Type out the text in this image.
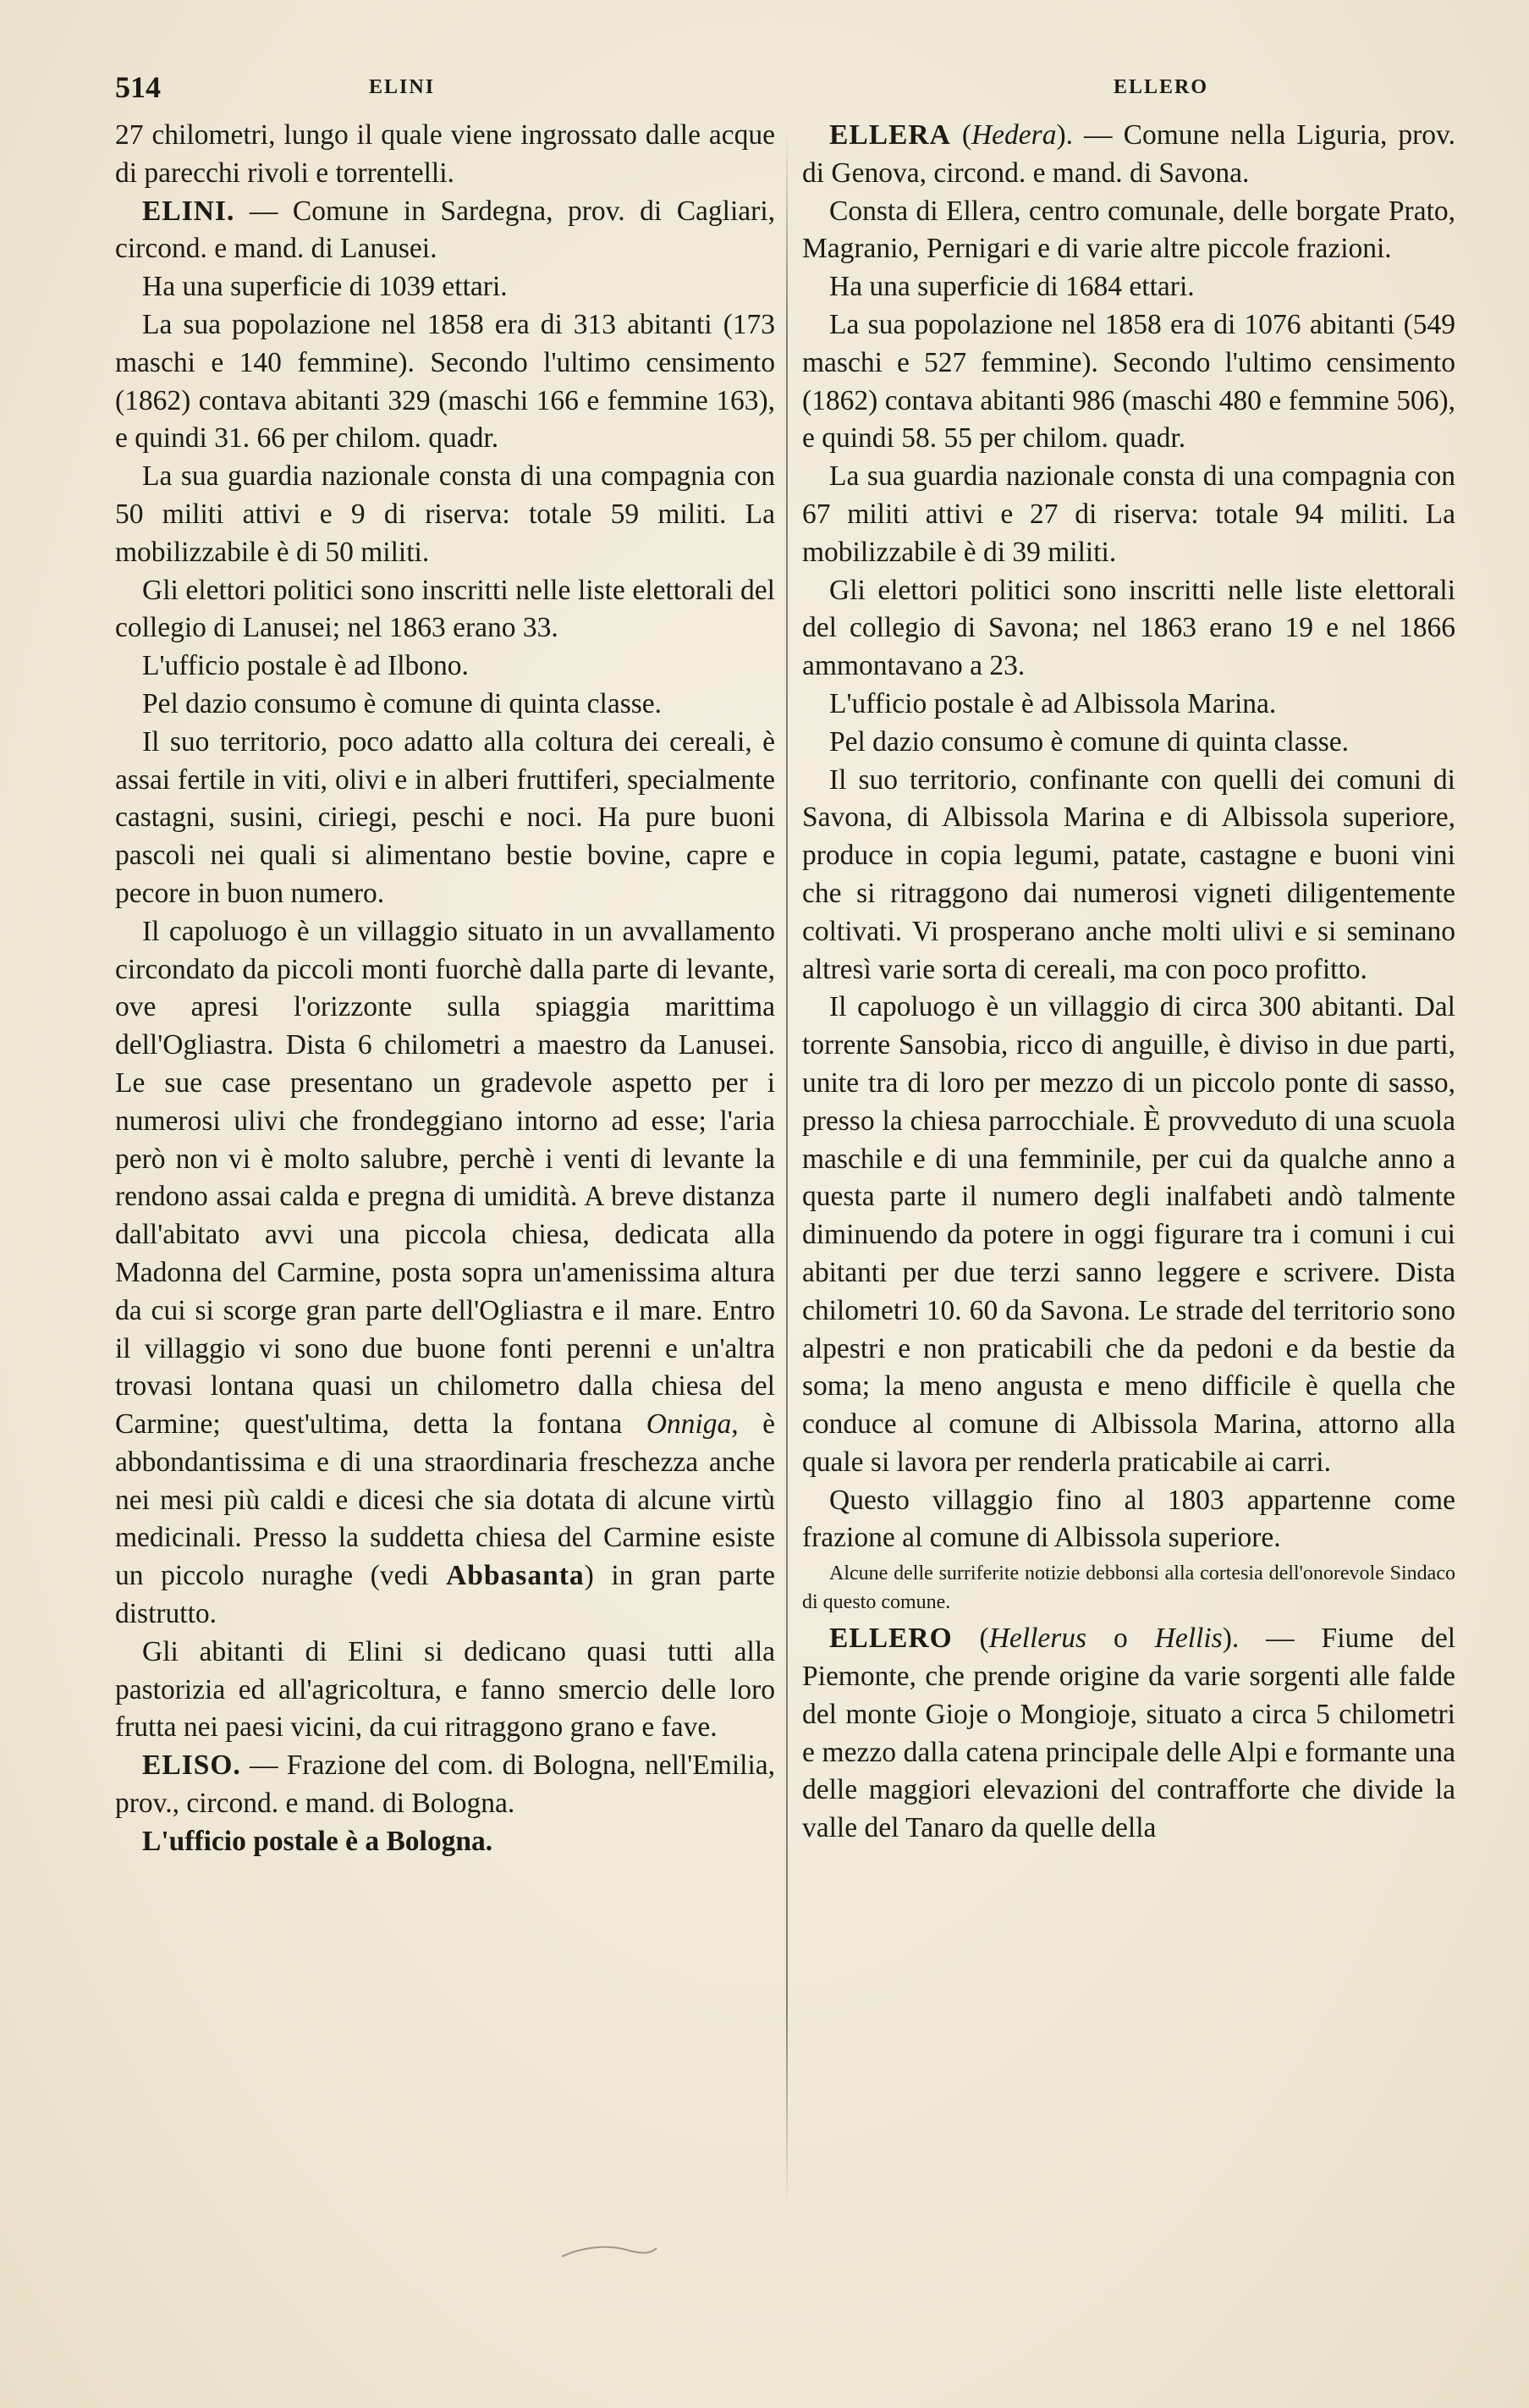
514	ELINI	ELLERO

27 chilometri, lungo il quale viene ingrossato dalle acque di parecchi rivoli e torrentelli.

ELINI. — Comune in Sardegna, prov. di Cagliari, circond. e mand. di Lanusei.

Ha una superficie di 1039 ettari.

La sua popolazione nel 1858 era di 313 abitanti (173 maschi e 140 femmine). Secondo l'ultimo censimento (1862) contava abitanti 329 (maschi 166 e femmine 163), e quindi 31. 66 per chilom. quadr.

La sua guardia nazionale consta di una compagnia con 50 militi attivi e 9 di riserva: totale 59 militi. La mobilizzabile è di 50 militi.

Gli elettori politici sono inscritti nelle liste elettorali del collegio di Lanusei; nel 1863 erano 33.

L'ufficio postale è ad Ilbono.

Pel dazio consumo è comune di quinta classe.

Il suo territorio, poco adatto alla coltura dei cereali, è assai fertile in viti, olivi e in alberi fruttiferi, specialmente castagni, susini, ciriegi, peschi e noci. Ha pure buoni pascoli nei quali si alimentano bestie bovine, capre e pecore in buon numero.

Il capoluogo è un villaggio situato in un avvallamento circondato da piccoli monti fuorchè dalla parte di levante, ove apresi l'orizzonte sulla spiaggia marittima dell'Ogliastra. Dista 6 chilometri a maestro da Lanusei. Le sue case presentano un gradevole aspetto per i numerosi ulivi che frondeggiano intorno ad esse; l'aria però non vi è molto salubre, perchè i venti di levante la rendono assai calda e pregna di umidità. A breve distanza dall'abitato avvi una piccola chiesa, dedicata alla Madonna del Carmine, posta sopra un'amenissima altura da cui si scorge gran parte dell'Ogliastra e il mare. Entro il villaggio vi sono due buone fonti perenni e un'altra trovasi lontana quasi un chilometro dalla chiesa del Carmine; quest'ultima, detta la fontana Onniga, è abbondantissima e di una straordinaria freschezza anche nei mesi più caldi e dicesi che sia dotata di alcune virtù medicinali. Presso la suddetta chiesa del Carmine esiste un piccolo nuraghe (vedi Abbasanta) in gran parte distrutto.

Gli abitanti di Elini si dedicano quasi tutti alla pastorizia ed all'agricoltura, e fanno smercio delle loro frutta nei paesi vicini, da cui ritraggono grano e fave.

ELISO. — Frazione del com. di Bologna, nell'Emilia, prov., circond. e mand. di Bologna.

L'ufficio postale è a Bologna.

ELLERA (Hedera). — Comune nella Liguria, prov. di Genova, circond. e mand. di Savona.

Consta di Ellera, centro comunale, delle borgate Prato, Magranio, Pernigari e di varie altre piccole frazioni.

Ha una superficie di 1684 ettari.

La sua popolazione nel 1858 era di 1076 abitanti (549 maschi e 527 femmine). Secondo l'ultimo censimento (1862) contava abitanti 986 (maschi 480 e femmine 506), e quindi 58. 55 per chilom. quadr.

La sua guardia nazionale consta di una compagnia con 67 militi attivi e 27 di riserva: totale 94 militi. La mobilizzabile è di 39 militi.

Gli elettori politici sono inscritti nelle liste elettorali del collegio di Savona; nel 1863 erano 19 e nel 1866 ammontavano a 23.

L'ufficio postale è ad Albissola Marina.

Pel dazio consumo è comune di quinta classe.

Il suo territorio, confinante con quelli dei comuni di Savona, di Albissola Marina e di Albissola superiore, produce in copia legumi, patate, castagne e buoni vini che si ritraggono dai numerosi vigneti diligentemente coltivati. Vi prosperano anche molti ulivi e si seminano altresì varie sorta di cereali, ma con poco profitto.

Il capoluogo è un villaggio di circa 300 abitanti. Dal torrente Sansobia, ricco di anguille, è diviso in due parti, unite tra di loro per mezzo di un piccolo ponte di sasso, presso la chiesa parrocchiale. È provveduto di una scuola maschile e di una femminile, per cui da qualche anno a questa parte il numero degli inalfabeti andò talmente diminuendo da potere in oggi figurare tra i comuni i cui abitanti per due terzi sanno leggere e scrivere. Dista chilometri 10. 60 da Savona. Le strade del territorio sono alpestri e non praticabili che da pedoni e da bestie da soma; la meno angusta e meno difficile è quella che conduce al comune di Albissola Marina, attorno alla quale si lavora per renderla praticabile ai carri.

Questo villaggio fino al 1803 appartenne come frazione al comune di Albissola superiore.

Alcune delle surriferite notizie debbonsi alla cortesia dell'onorevole Sindaco di questo comune.

ELLERO (Hellerus o Hellis). — Fiume del Piemonte, che prende origine da varie sorgenti alle falde del monte Gioje o Mongioje, situato a circa 5 chilometri e mezzo dalla catena principale delle Alpi e formante una delle maggiori elevazioni del contrafforte che divide la valle del Tanaro da quelle della
